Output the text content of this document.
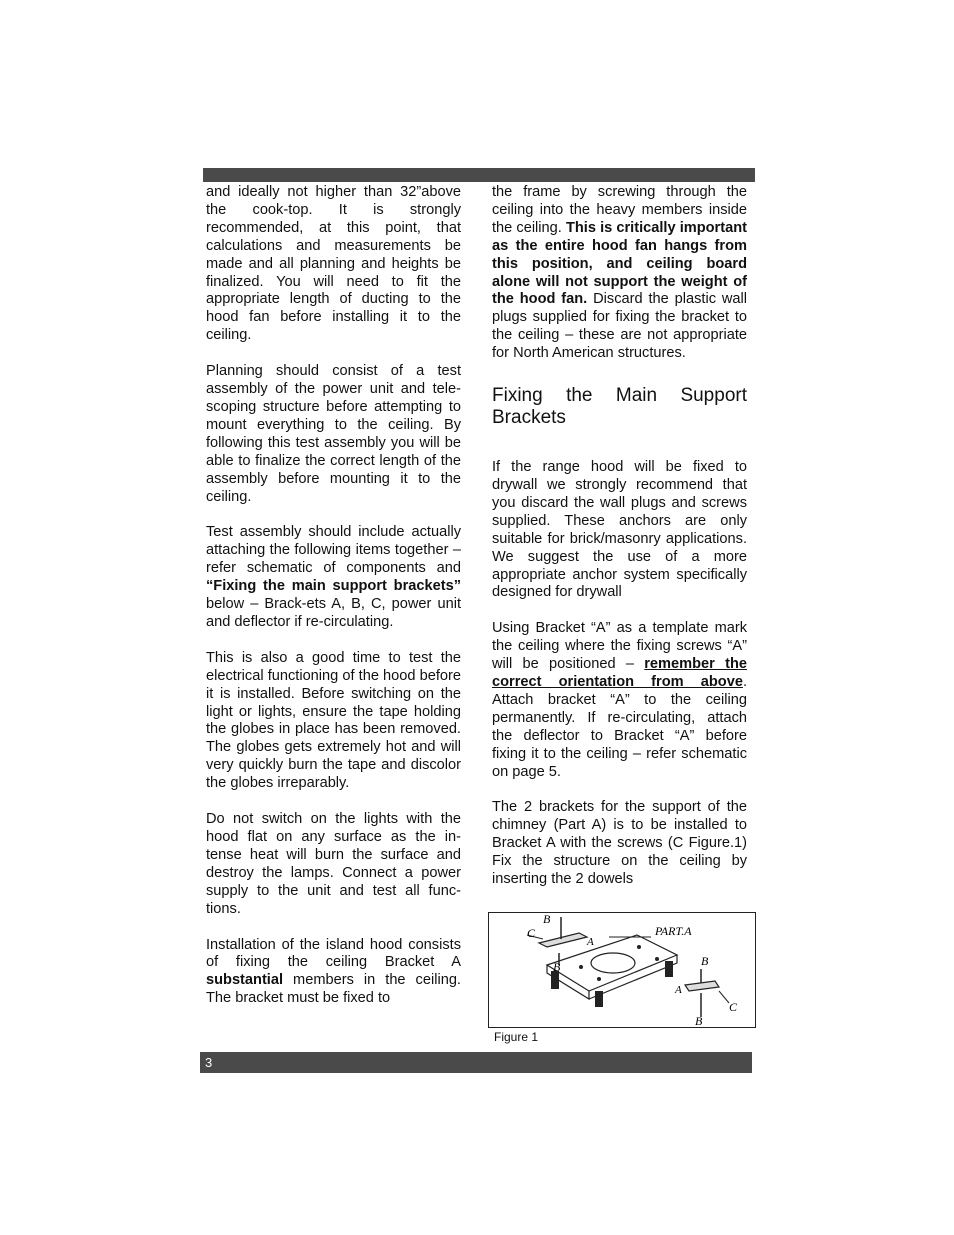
and ideally not higher than 32”above the cook-top. It is strongly recommended, at this point, that calculations and measurements be made and all planning and heights be finalized. You will need to fit the appropriate length of ducting to the hood fan before installing it to the ceiling.

Planning should consist of a test assembly of the power unit and tele-scoping structure before attempting to mount everything to the ceiling. By following this test assembly you will be able to finalize the correct length of the assembly before mounting it to the ceiling.

Test assembly should include actually attaching the following items together – refer schematic of components and “Fixing the main support brackets” below – Brack-ets A, B, C, power unit and deflector if re-circulating.

This is also a good time to test the electrical functioning of the hood before it is installed. Before switching on the light or lights, ensure the tape holding the globes in place has been removed. The globes gets extremely hot and will very quickly burn the tape and discolor the globes irreparably.

Do not switch on the lights with the hood flat on any surface as the in-tense heat will burn the surface and destroy the lamps. Connect a power supply to the unit and test all func-tions.

Installation of the island hood consists of fixing the ceiling Bracket A substantial members in the ceiling. The bracket must be fixed to

the frame by screwing through the ceiling into the heavy members inside the ceiling. This is critically important as the entire hood fan hangs from this position, and ceiling board alone will not support the weight of the hood fan. Discard the plastic wall plugs supplied for fixing the bracket to the ceiling – these are not appropriate for North American structures.

Fixing the Main Support Brackets

If the range hood will be fixed to drywall we strongly recommend that you discard the wall plugs and screws supplied. These anchors are only suitable for brick/masonry applications. We suggest the use of a more appropriate anchor system specifically designed for drywall

Using Bracket “A” as a template mark the ceiling where the fixing screws “A” will be positioned – remember the correct orientation from above. Attach bracket “A” to the ceiling permanently. If re-circulating, attach the deflector to Bracket “A” before fixing it to the ceiling – refer schematic on page 5.

The 2 brackets for the support of the chimney (Part A) is to be installed to Bracket A with the screws (C Figure.1) Fix the structure on the ceiling by inserting the 2 dowels

B
C
A
PART.A
B	B
A
C
B
Figure 1
3
